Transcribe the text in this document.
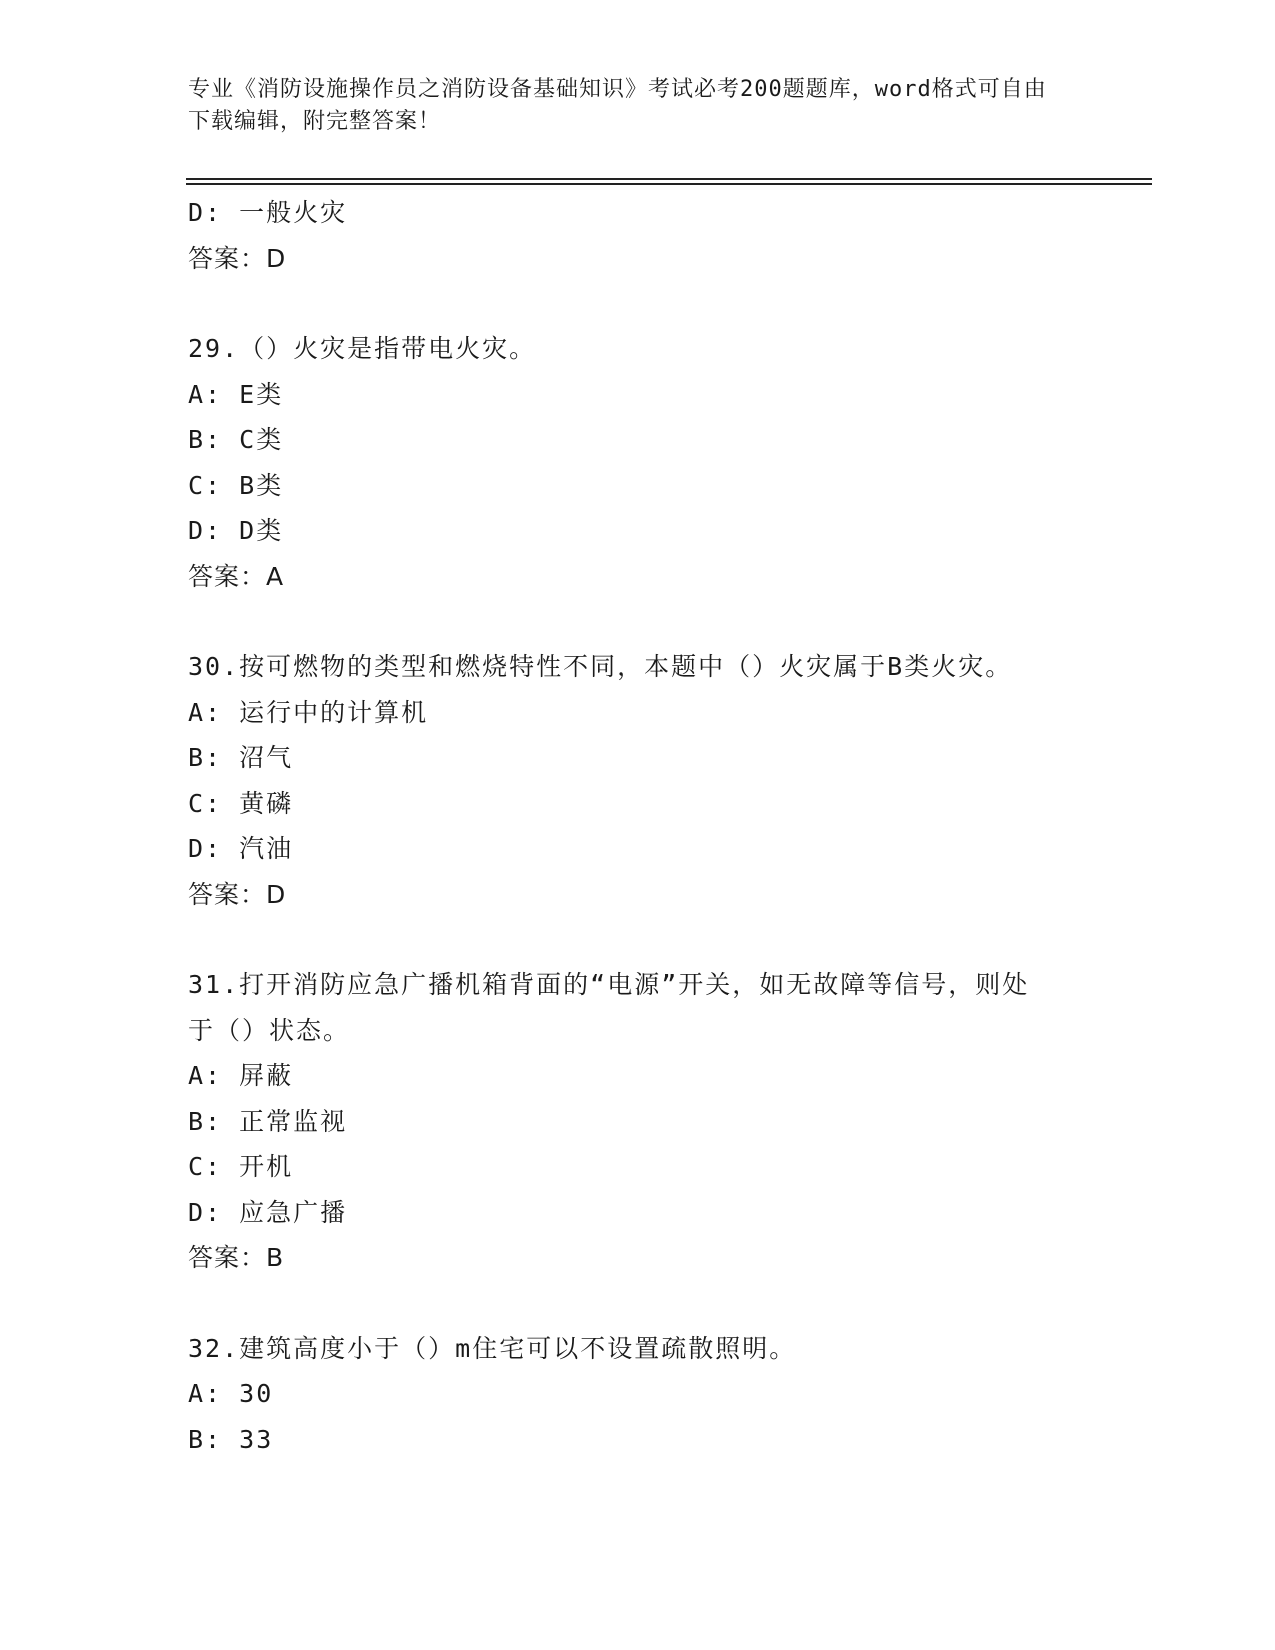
专业《消防设施操作员之消防设备基础知识》考试必考200题题库，word格式可自由下载编辑，附完整答案！
D: 一般火灾
答案：D
29.（）火灾是指带电火灾。
A: E类
B: C类
C: B类
D: D类
答案：A
30.按可燃物的类型和燃烧特性不同，本题中（）火灾属于B类火灾。
A: 运行中的计算机
B: 沼气
C: 黄磷
D: 汽油
答案：D
31.打开消防应急广播机箱背面的“电源”开关，如无故障等信号，则处于（）状态。
A: 屏蔽
B: 正常监视
C: 开机
D: 应急广播
答案：B
32.建筑高度小于（）m住宅可以不设置疏散照明。
A: 30
B: 33
